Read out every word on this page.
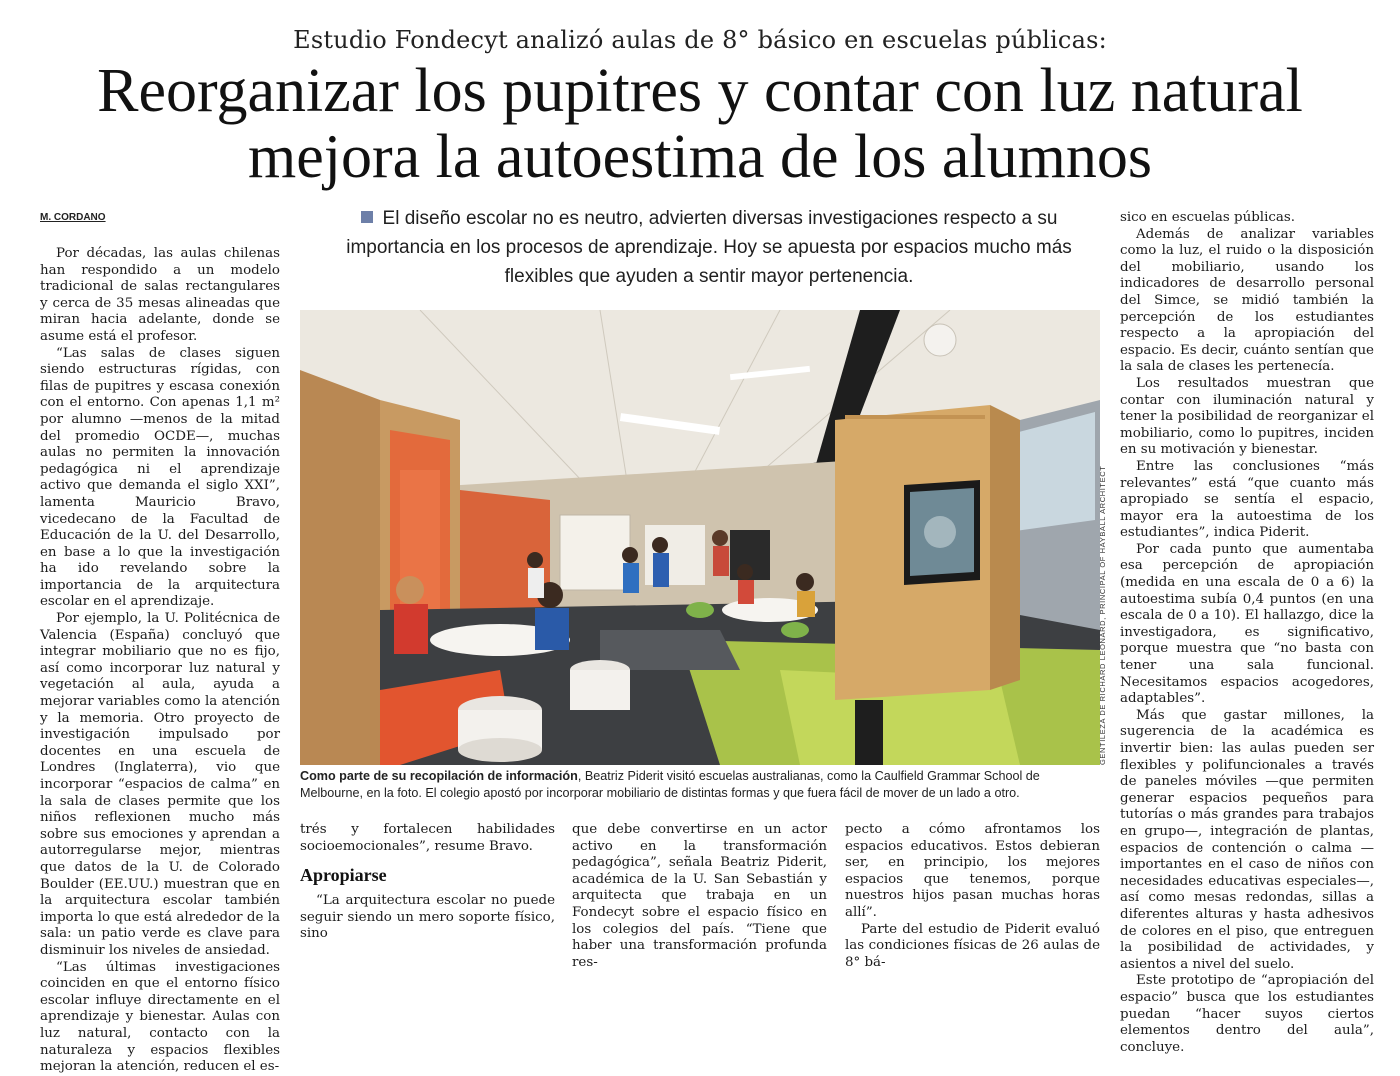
Estudio Fondecyt analizó aulas de 8° básico en escuelas públicas:
Reorganizar los pupitres y contar con luz natural
mejora la autoestima de los alumnos
M. CORDANO	El diseño escolar no es neutro, advierten diversas investigaciones respecto a su importancia en los procesos de aprendizaje. Hoy se apuesta por espacios mucho más flexibles que ayuden a sentir mayor pertenencia.

Por décadas, las aulas chilenas han respondido a un modelo tradicional de salas rectangulares y cerca de 35 mesas alineadas que miran hacia adelante, donde se asume está el profesor.

“Las salas de clases siguen siendo estructuras rígidas, con filas de pupitres y escasa conexión con el entorno. Con apenas 1,1 m² por alumno —menos de la mitad del promedio OCDE—, muchas aulas no permiten la innovación pedagógica ni el aprendizaje activo que demanda el siglo XXI”, lamenta Mauricio Bravo, vicedecano de la Facultad de Educación de la U. del Desarrollo, en base a lo que la investigación ha ido revelando sobre la importancia de la arquitectura escolar en el aprendizaje.

Por ejemplo, la U. Politécnica de Valencia (España) concluyó que integrar mobiliario que no es fijo, así como incorporar luz natural y vegetación al aula, ayuda a mejorar variables como la atención y la memoria. Otro proyecto de investigación impulsado por docentes en una escuela de Londres (Inglaterra), vio que incorporar “espacios de calma” en la sala de clases permite que los niños reflexionen mucho más sobre sus emociones y aprendan a autorregularse mejor, mientras que datos de la U. de Colorado Boulder (EE.UU.) muestran que en la arquitectura escolar también importa lo que está alrededor de la sala: un patio verde es clave para disminuir los niveles de ansiedad.

“Las últimas investigaciones coinciden en que el entorno físico escolar influye directamente en el aprendizaje y bienestar. Aulas con luz natural, contacto con la naturaleza y espacios flexibles mejoran la atención, reducen el es-

GENTILEZA DE RICHARD LEONARD, PRINCIPAL OF HAYBALL ARCHITECT
Como parte de su recopilación de información, Beatriz Piderit visitó escuelas australianas, como la Caulfield Grammar School de Melbourne, en la foto. El colegio apostó por incorporar mobiliario de distintas formas y que fuera fácil de mover de un lado a otro.

trés y fortalecen habilidades socioemocionales”, resume Bravo.

Apropiarse

“La arquitectura escolar no puede seguir siendo un mero soporte físico, sino

que debe convertirse en un actor activo en la transformación pedagógica”, señala Beatriz Piderit, académica de la U. San Sebastián y arquitecta que trabaja en un Fondecyt sobre el espacio físico en los colegios del país. “Tiene que haber una transformación profunda res-

pecto a cómo afrontamos los espacios educativos. Estos debieran ser, en principio, los mejores espacios que tenemos, porque nuestros hijos pasan muchas horas allí”.

Parte del estudio de Piderit evaluó las condiciones físicas de 26 aulas de 8° bá-

sico en escuelas públicas.

Además de analizar variables como la luz, el ruido o la disposición del mobiliario, usando los indicadores de desarrollo personal del Simce, se midió también la percepción de los estudiantes respecto a la apropiación del espacio. Es decir, cuánto sentían que la sala de clases les pertenecía.

Los resultados muestran que contar con iluminación natural y tener la posibilidad de reorganizar el mobiliario, como lo pupitres, inciden en su motivación y bienestar.

Entre las conclusiones “más relevantes” está “que cuanto más apropiado se sentía el espacio, mayor era la autoestima de los estudiantes”, indica Piderit.

Por cada punto que aumentaba esa percepción de apropiación (medida en una escala de 0 a 6) la autoestima subía 0,4 puntos (en una escala de 0 a 10). El hallazgo, dice la investigadora, es significativo, porque muestra que “no basta con tener una sala funcional. Necesitamos espacios acogedores, adaptables”.

Más que gastar millones, la sugerencia de la académica es invertir bien: las aulas pueden ser flexibles y polifuncionales a través de paneles móviles —que permiten generar espacios pequeños para tutorías o más grandes para trabajos en grupo—, integración de plantas, espacios de contención o calma —importantes en el caso de niños con necesidades educativas especiales—, así como mesas redondas, sillas a diferentes alturas y hasta adhesivos de colores en el piso, que entreguen la posibilidad de actividades, y asientos a nivel del suelo.

Este prototipo de “apropiación del espacio” busca que los estudiantes puedan “hacer suyos ciertos elementos dentro del aula”, concluye.
